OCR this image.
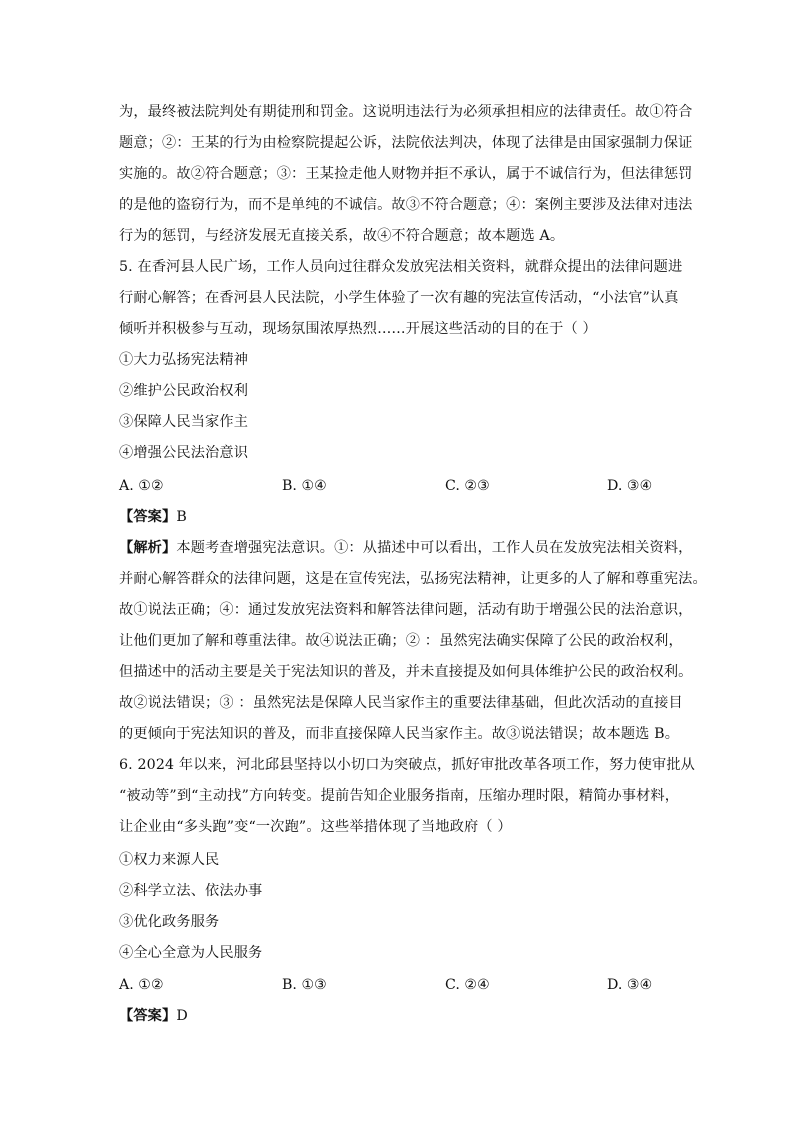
为，最终被法院判处有期徒刑和罚金。这说明违法行为必须承担相应的法律责任。故①符合
题意；②：王某的行为由检察院提起公诉，法院依法判决，体现了法律是由国家强制力保证
实施的。故②符合题意；③：王某捡走他人财物并拒不承认，属于不诚信行为，但法律惩罚
的是他的盗窃行为，而不是单纯的不诚信。故③不符合题意；④：案例主要涉及法律对违法
行为的惩罚，与经济发展无直接关系，故④不符合题意；故本题选 A。
5. 在香河县人民广场，工作人员向过往群众发放宪法相关资料，就群众提出的法律问题进
行耐心解答；在香河县人民法院，小学生体验了一次有趣的宪法宣传活动，“小法官”认真
倾听并积极参与互动，现场氛围浓厚热烈……开展这些活动的目的在于（ ）
①大力弘扬宪法精神
②维护公民政治权利
③保障人民当家作主
④增强公民法治意识
A. ①②	B. ①④	C. ②③	D. ③④
【答案】B
【解析】本题考查增强宪法意识。①：从描述中可以看出，工作人员在发放宪法相关资料，
并耐心解答群众的法律问题，这是在宣传宪法，弘扬宪法精神，让更多的人了解和尊重宪法。
故①说法正确；④：通过发放宪法资料和解答法律问题，活动有助于增强公民的法治意识，
让他们更加了解和尊重法律。故④说法正确；② ：虽然宪法确实保障了公民的政治权利，
但描述中的活动主要是关于宪法知识的普及，并未直接提及如何具体维护公民的政治权利。
故②说法错误；③ ：虽然宪法是保障人民当家作主的重要法律基础，但此次活动的直接目
的更倾向于宪法知识的普及，而非直接保障人民当家作主。故③说法错误；故本题选 B。
6. 2024 年以来，河北邱县坚持以小切口为突破点，抓好审批改革各项工作，努力使审批从
“被动等”到“主动找”方向转变。提前告知企业服务指南，压缩办理时限，精简办事材料，
让企业由“多头跑”变“一次跑”。这些举措体现了当地政府（ ）
①权力来源人民
②科学立法、依法办事
③优化政务服务
④全心全意为人民服务
A. ①②	B. ①③	C. ②④	D. ③④
【答案】D
